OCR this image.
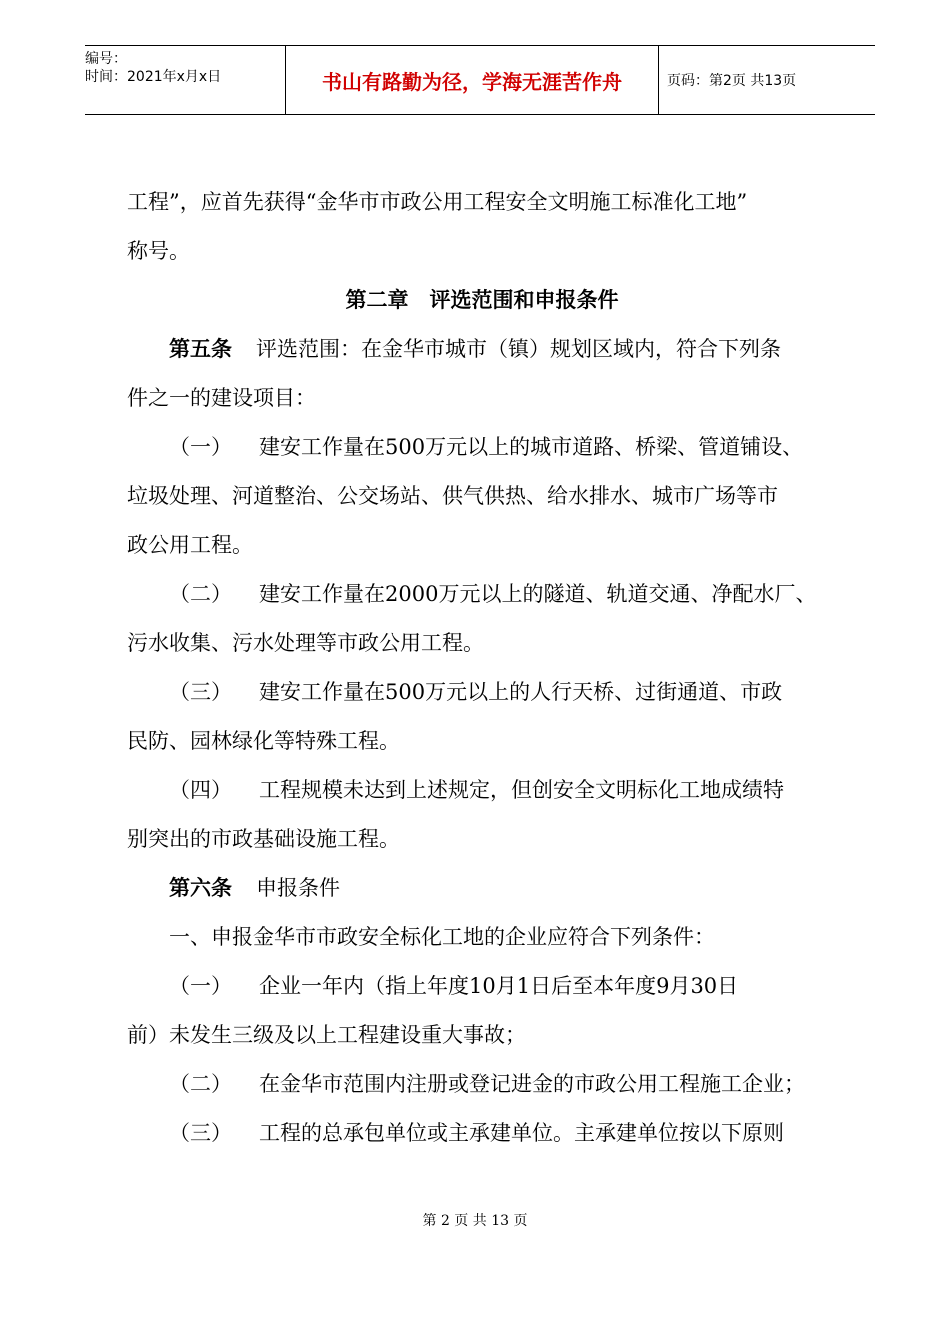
编号：
时间：2021年x月x日	书山有路勤为径，学海无涯苦作舟	页码：第2页 共13页
工程”，应首先获得“金华市市政公用工程安全文明施工标准化工地”
称号。
第二章　评选范围和申报条件
第五条 评选范围：在金华市城市（镇）规划区域内，符合下列条
件之一的建设项目：
（一） 建安工作量在500万元以上的城市道路、桥梁、管道铺设、
垃圾处理、河道整治、公交场站、供气供热、给水排水、城市广场等市
政公用工程。
（二） 建安工作量在2000万元以上的隧道、轨道交通、净配水厂、
污水收集、污水处理等市政公用工程。
（三） 建安工作量在500万元以上的人行天桥、过街通道、市政
民防、园林绿化等特殊工程。
（四） 工程规模未达到上述规定，但创安全文明标化工地成绩特
别突出的市政基础设施工程。
第六条 申报条件
一、申报金华市市政安全标化工地的企业应符合下列条件：
（一） 企业一年内（指上年度10月1日后至本年度9月30日
前）未发生三级及以上工程建设重大事故；
（二） 在金华市范围内注册或登记进金的市政公用工程施工企业；
（三） 工程的总承包单位或主承建单位。主承建单位按以下原则
第 2 页 共 13 页
